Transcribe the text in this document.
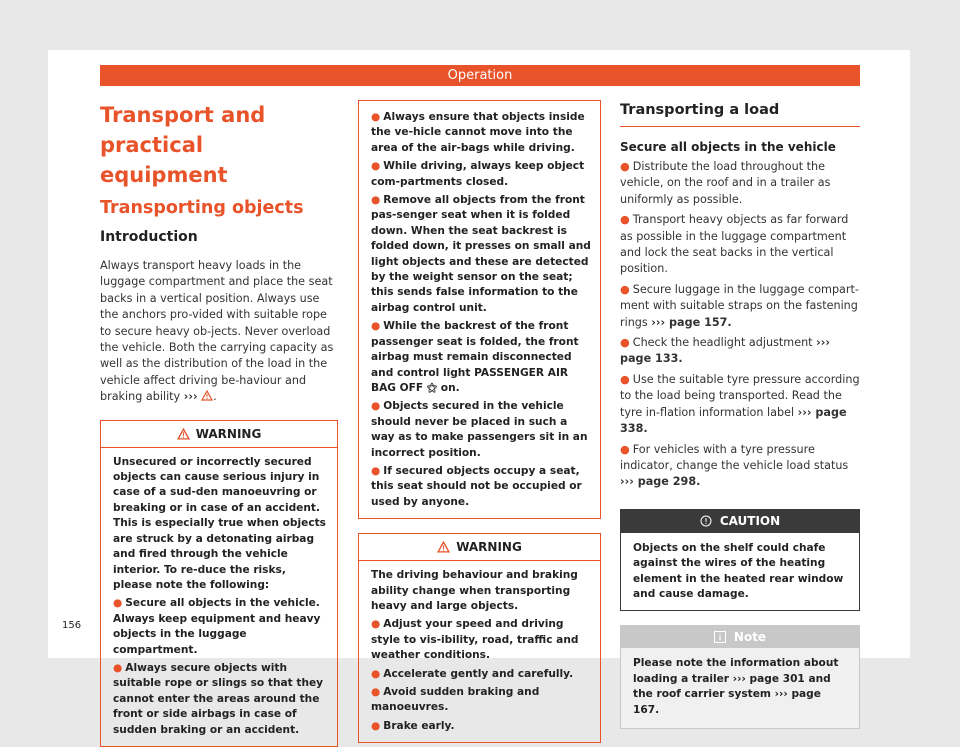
Operation
Transport and practical
equipment
Transporting objects
Introduction

Always transport heavy loads in the luggage compartment and place the seat backs in a vertical position. Always use the anchors pro-vided with suitable rope to secure heavy ob-jects. Never overload the vehicle. Both the carrying capacity as well as the distribution of the load in the vehicle affect driving be-haviour and braking ability ››› .

WARNING

Unsecured or incorrectly secured objects can cause serious injury in case of a sud-den manoeuvring or breaking or in case of an accident. This is especially true when objects are struck by a detonating airbag and fired through the vehicle interior. To re-duce the risks, please note the following:

● Secure all objects in the vehicle. Always keep equipment and heavy objects in the luggage compartment.
● Always secure objects with suitable rope or slings so that they cannot enter the areas around the front or side airbags in case of sudden braking or an accident.
● Always ensure that objects inside the ve-hicle cannot move into the area of the air-bags while driving.
● While driving, always keep object com-partments closed.
● Remove all objects from the front pas-senger seat when it is folded down. When the seat backrest is folded down, it presses on small and light objects and these are detected by the weight sensor on the seat; this sends false information to the airbag control unit.
● While the backrest of the front passenger seat is folded, the front airbag must remain disconnected and control light PASSENGER AIR BAG OFF ⚝ on.
● Objects secured in the vehicle should never be placed in such a way as to make passengers sit in an incorrect position.
● If secured objects occupy a seat, this seat should not be occupied or used by anyone.
WARNING

The driving behaviour and braking ability change when transporting heavy and large objects.

● Adjust your speed and driving style to vis-ibility, road, traffic and weather conditions.
● Accelerate gently and carefully.
● Avoid sudden braking and manoeuvres.
● Brake early.
Transporting a load
Secure all objects in the vehicle
● Distribute the load throughout the vehicle, on the roof and in a trailer as uniformly as possible.
● Transport heavy objects as far forward as possible in the luggage compartment and lock the seat backs in the vertical position.
● Secure luggage in the luggage compart-ment with suitable straps on the fastening rings ››› page 157.
● Check the headlight adjustment ››› page 133.
● Use the suitable tyre pressure according to the load being transported. Read the tyre in-flation information label ››› page 338.
● For vehicles with a tyre pressure indicator, change the vehicle load status ››› page 298.
CAUTION
Objects on the shelf could chafe against the wires of the heating element in the heated rear window and cause damage.
Note
Please note the information about loading a trailer ››› page 301 and the roof carrier system ››› page 167.
156
